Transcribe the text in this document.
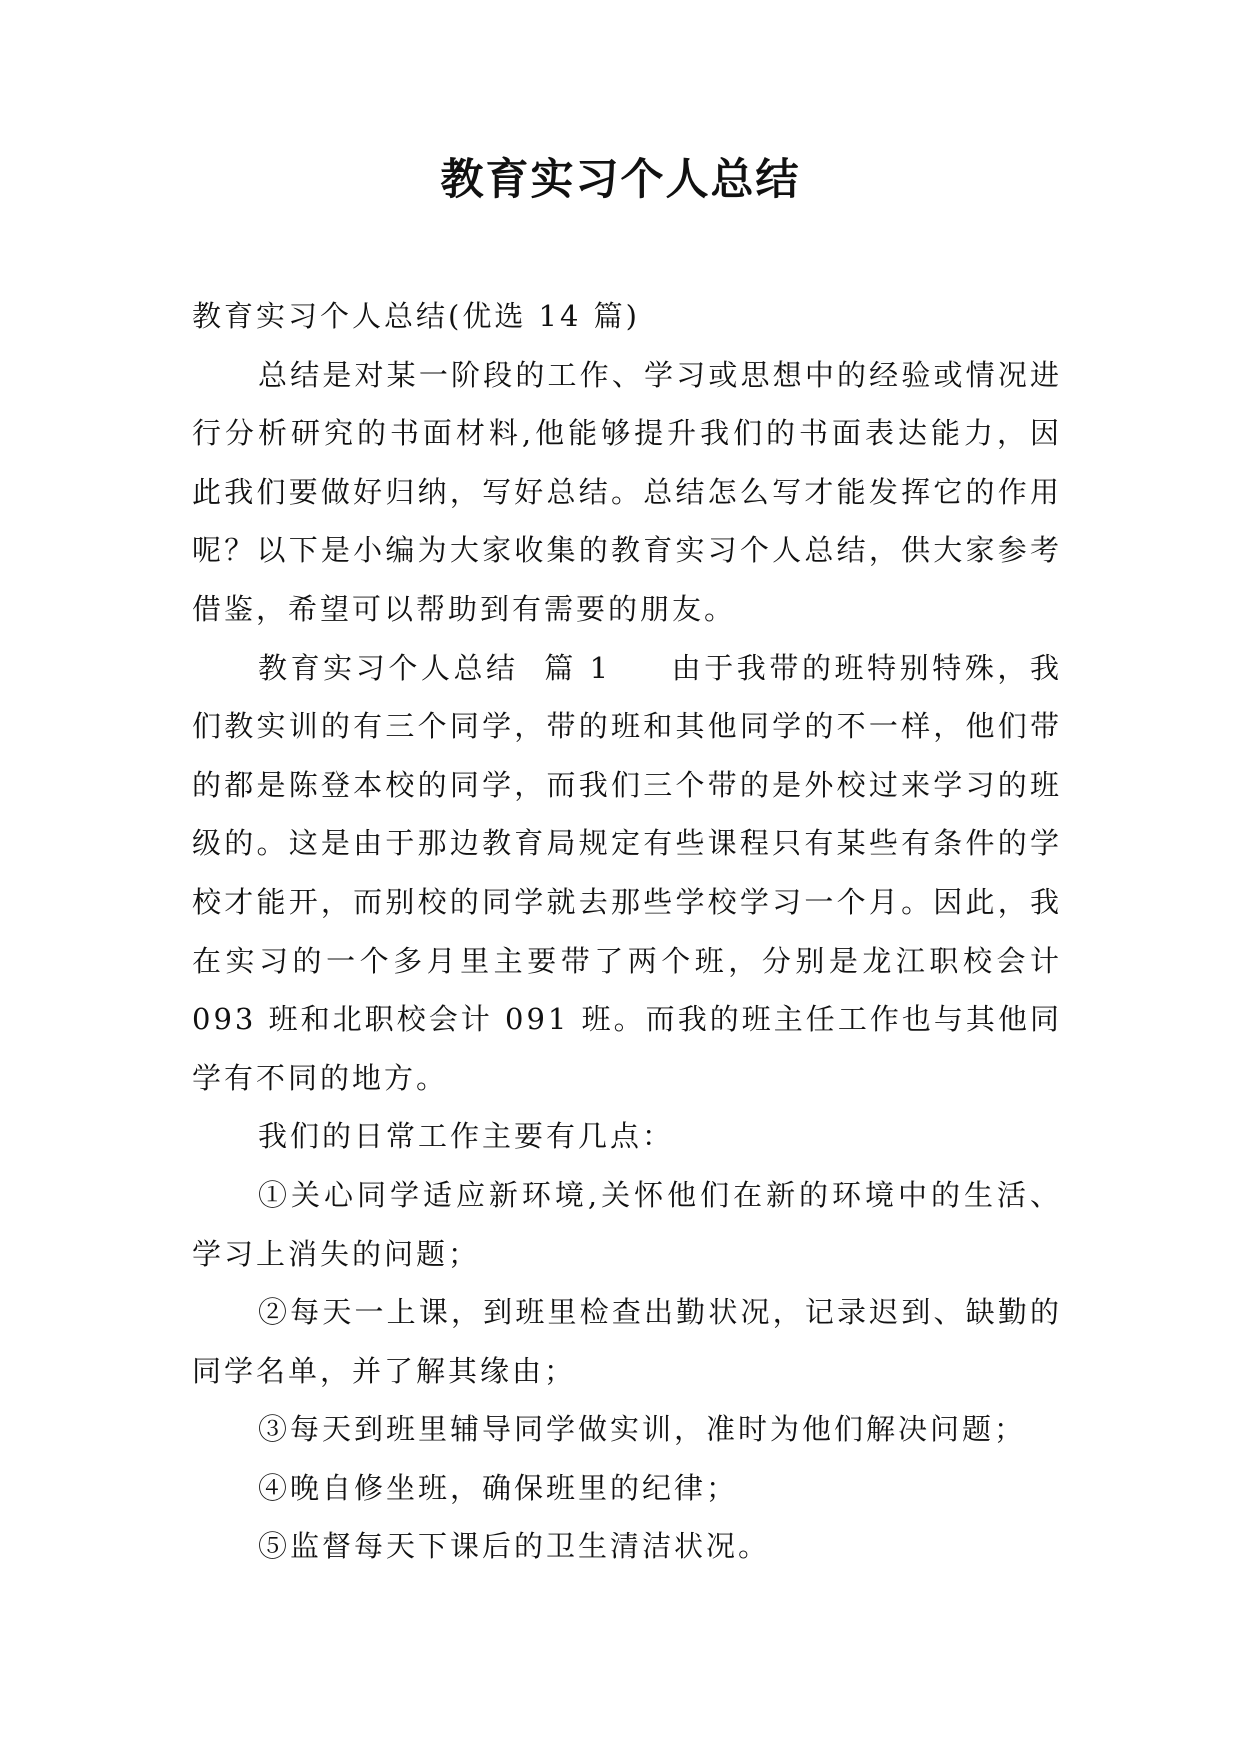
教育实习个人总结

教育实习个人总结(优选 14 篇)

总结是对某一阶段的工作、学习或思想中的经验或情况进行分析研究的书面材料,他能够提升我们的书面表达能力，因此我们要做好归纳，写好总结。总结怎么写才能发挥它的作用呢？以下是小编为大家收集的教育实习个人总结，供大家参考借鉴，希望可以帮助到有需要的朋友。

教育实习个人总结  篇 1 由于我带的班特别特殊，我们教实训的有三个同学，带的班和其他同学的不一样，他们带的都是陈登本校的同学，而我们三个带的是外校过来学习的班级的。这是由于那边教育局规定有些课程只有某些有条件的学校才能开，而别校的同学就去那些学校学习一个月。因此，我在实习的一个多月里主要带了两个班，分别是龙江职校会计 093 班和北职校会计 091 班。而我的班主任工作也与其他同学有不同的地方。

我们的日常工作主要有几点：

①关心同学适应新环境,关怀他们在新的环境中的生活、学习上消失的问题；

②每天一上课，到班里检查出勤状况，记录迟到、缺勤的同学名单，并了解其缘由；

③每天到班里辅导同学做实训，准时为他们解决问题；

④晚自修坐班，确保班里的纪律；

⑤监督每天下课后的卫生清洁状况。
